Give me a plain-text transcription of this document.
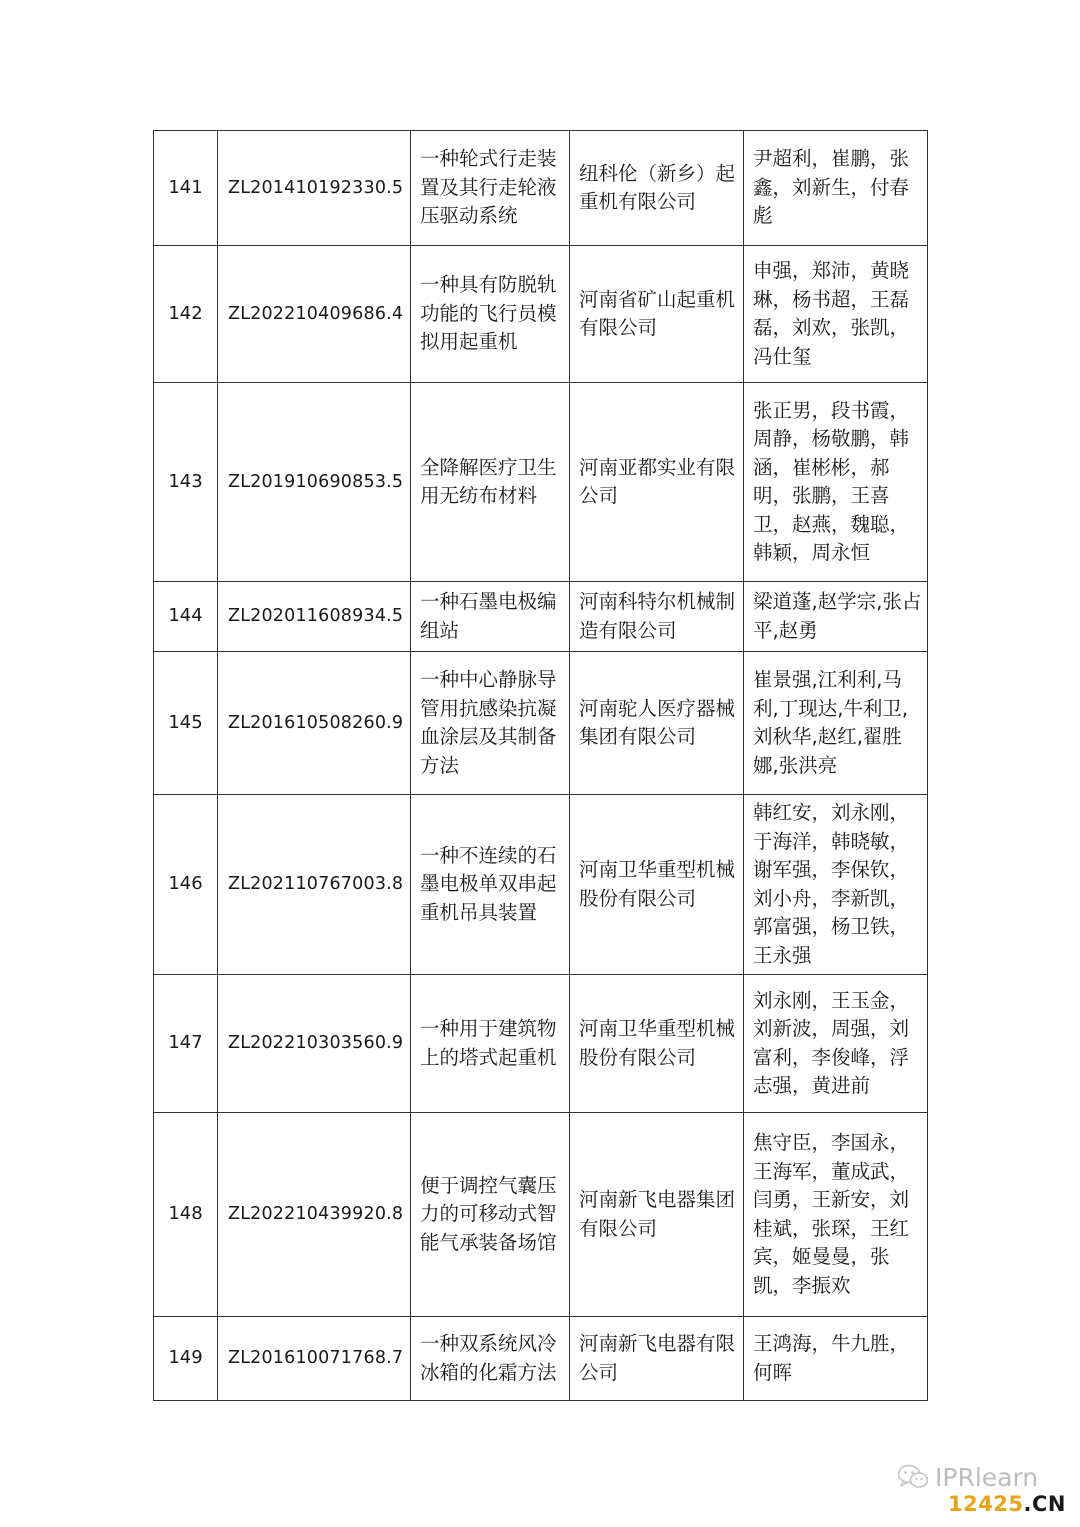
141	ZL201410192330.5	一种轮式行走装置及其行走轮液压驱动系统	纽科伦（新乡）起重机有限公司	尹超利，崔鹏，张鑫，刘新生，付春彪
142	ZL202210409686.4	一种具有防脱轨功能的飞行员模拟用起重机	河南省矿山起重机有限公司	申强，郑沛，黄晓琳，杨书超，王磊磊，刘欢，张凯，冯仕玺
143	ZL201910690853.5	全降解医疗卫生用无纺布材料	河南亚都实业有限公司	张正男，段书霞，周静，杨敬鹏，韩涵，崔彬彬，郝明，张鹏，王喜卫，赵燕，魏聪，韩颖，周永恒
144	ZL202011608934.5	一种石墨电极编组站	河南科特尔机械制造有限公司	梁道蓬,赵学宗,张占平,赵勇
145	ZL201610508260.9	一种中心静脉导管用抗感染抗凝血涂层及其制备方法	河南驼人医疗器械集团有限公司	崔景强,江利利,马利,丁现达,牛利卫,刘秋华,赵红,翟胜娜,张洪亮
146	ZL202110767003.8	一种不连续的石墨电极单双串起重机吊具装置	河南卫华重型机械股份有限公司	韩红安，刘永刚，于海洋，韩晓敏，谢军强，李保钦，刘小舟，李新凯，郭富强，杨卫铁，王永强
147	ZL202210303560.9	一种用于建筑物上的塔式起重机	河南卫华重型机械股份有限公司	刘永刚，王玉金，刘新波，周强，刘富利，李俊峰，浮志强，黄进前
148	ZL202210439920.8	便于调控气囊压力的可移动式智能气承装备场馆	河南新飞电器集团有限公司	焦守臣，李国永，王海军，董成武，闫勇，王新安，刘桂斌，张琛，王红宾，姬曼曼，张凯，李振欢
149	ZL201610071768.7	一种双系统风冷冰箱的化霜方法	河南新飞电器有限公司	王鸿海，牛九胜，何晖
IPRlearn
12425.CN
